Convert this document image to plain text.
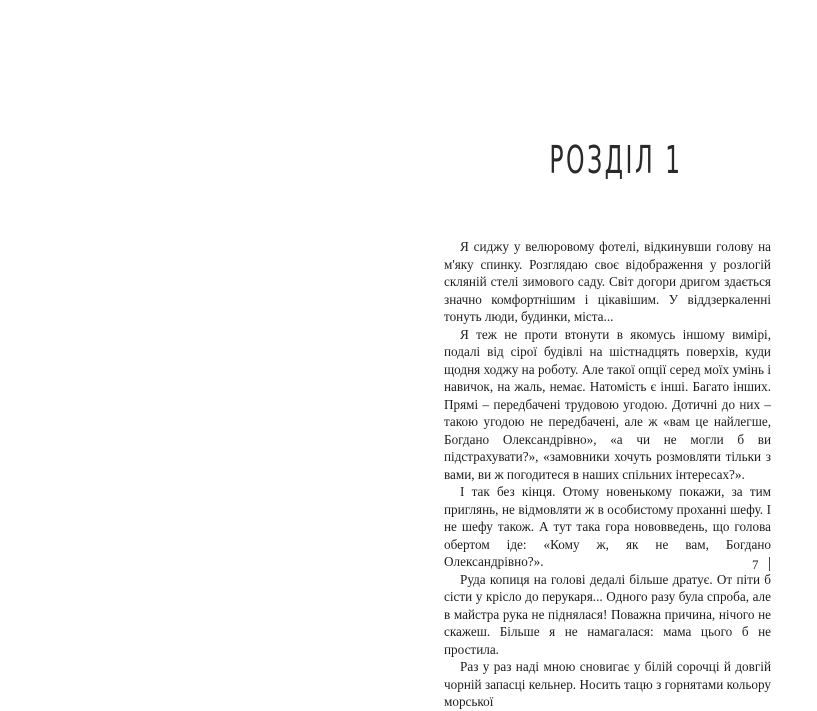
РОЗДІЛ 1

Я сиджу у велюровому фотелі, відкинувши голову на м'яку спинку. Розглядаю своє відображення у розлогій скляній стелі зимового саду. Світ догори дригом здається значно комфортнішим і цікавішим. У віддзеркаленні тонуть люди, будинки, міста...

Я теж не проти втонути в якомусь іншому вимірі, подалі від сірої будівлі на шістнадцять поверхів, куди щодня ходжу на роботу. Але такої опції серед моїх умінь і навичок, на жаль, немає. Натомість є інші. Багато інших. Прямі – передбачені трудовою угодою. Дотичні до них – такою угодою не передбачені, але ж «вам це найлегше, Богдано Олександрівно», «а чи не могли б ви підстрахувати?», «замовники хочуть розмовляти тільки з вами, ви ж погодитеся в наших спільних інтересах?».

І так без кінця. Отому новенькому покажи, за тим приглянь, не відмовляти ж в особистому проханні шефу. І не шефу також. А тут така гора нововведень, що голова обертом іде: «Кому ж, як не вам, Богдано Олександрівно?».

Руда копиця на голові дедалі більше дратує. От піти б сісти у крісло до перукаря... Одного разу була спроба, але в майстра рука не піднялася! Поважна причина, нічого не скажеш. Більше я не намагалася: мама цього б не простила.

Раз у раз наді мною сновигає у білій сорочці й довгій чорній запасці кельнер. Носить тацю з горнятами кольору морської

7
